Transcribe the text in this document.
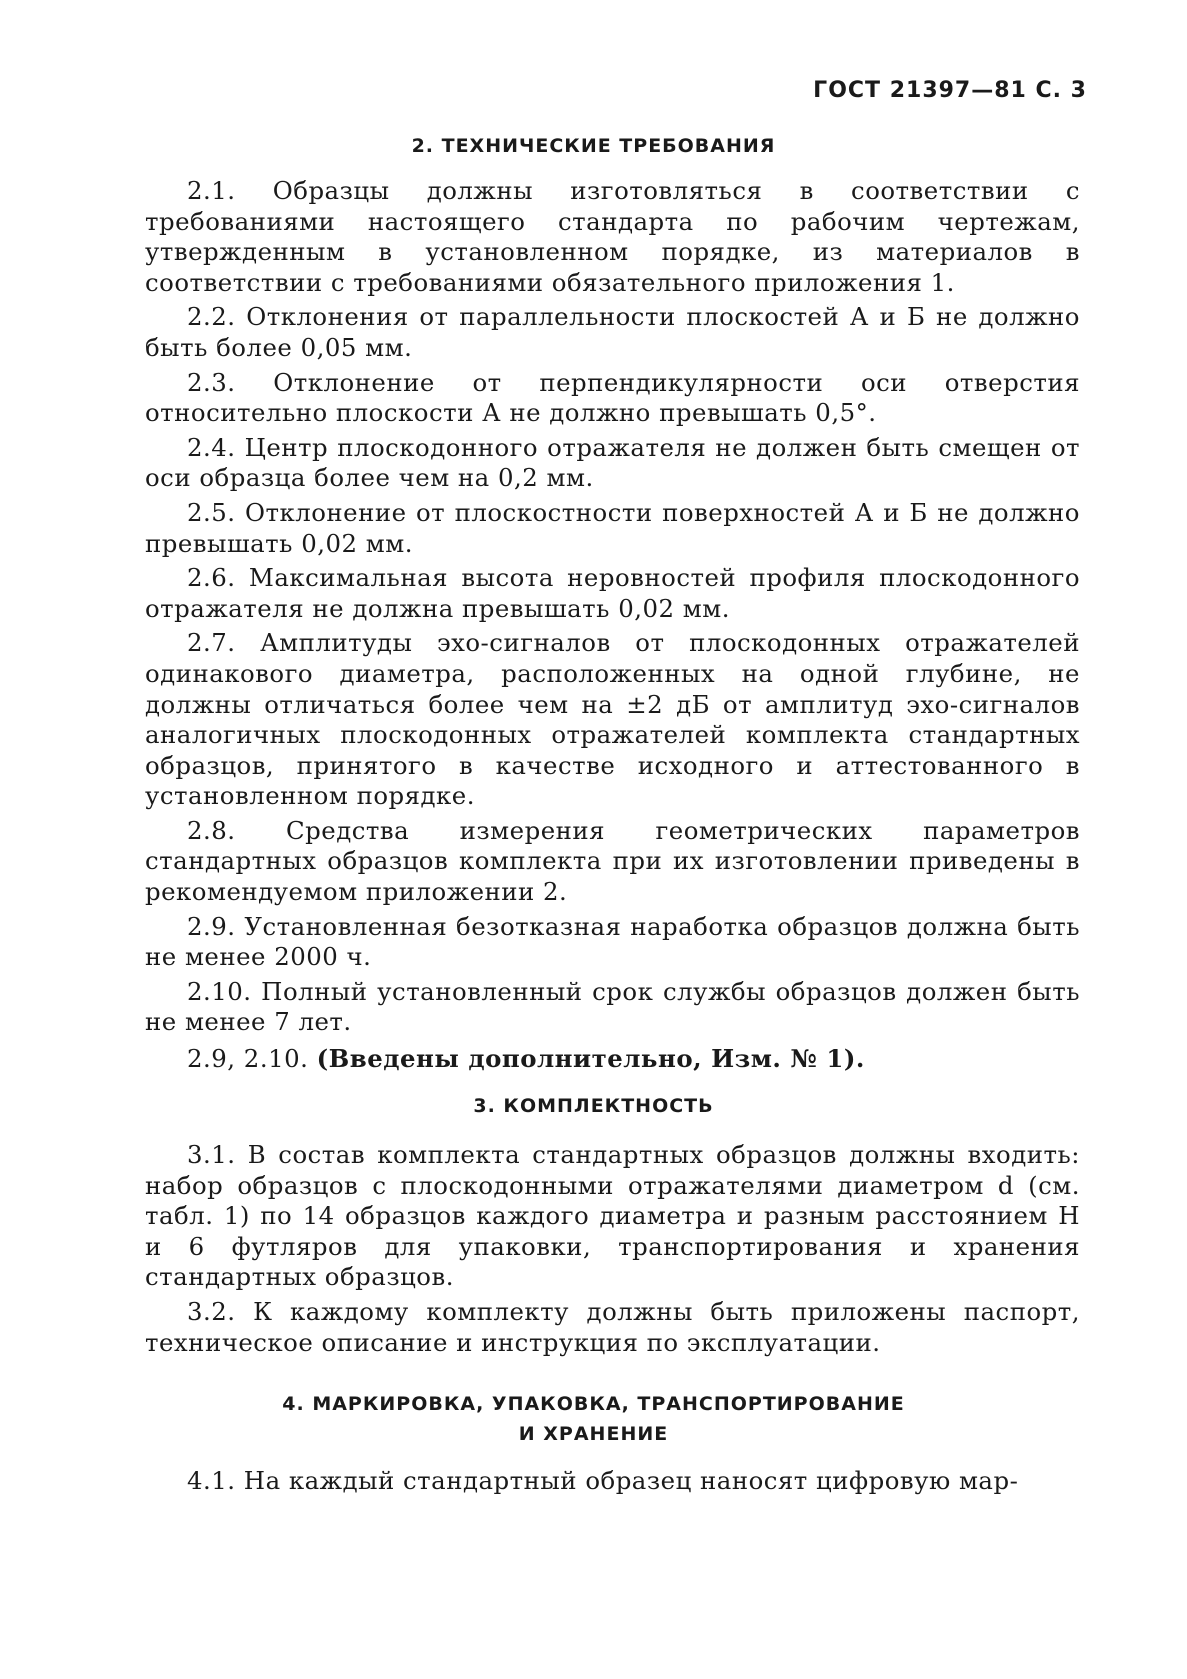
ГОСТ 21397—81 С. 3
2. ТЕХНИЧЕСКИЕ ТРЕБОВАНИЯ

2.1. Образцы должны изготовляться в соответствии с требованиями настоящего стандарта по рабочим чертежам, утвержденным в установленном порядке, из материалов в соответствии с требованиями обязательного приложения 1.

2.2. Отклонения от параллельности плоскостей А и Б не должно быть более 0,05 мм.

2.3. Отклонение от перпендикулярности оси отверстия относительно плоскости А не должно превышать 0,5°.

2.4. Центр плоскодонного отражателя не должен быть смещен от оси образца более чем на 0,2 мм.

2.5. Отклонение от плоскостности поверхностей А и Б не должно превышать 0,02 мм.

2.6. Максимальная высота неровностей профиля плоскодонного отражателя не должна превышать 0,02 мм.

2.7. Амплитуды эхо-сигналов от плоскодонных отражателей одинакового диаметра, расположенных на одной глубине, не должны отличаться более чем на ±2 дБ от амплитуд эхо-сигналов аналогичных плоскодонных отражателей комплекта стандартных образцов, принятого в качестве исходного и аттестованного в установленном порядке.

2.8. Средства измерения геометрических параметров стандартных образцов комплекта при их изготовлении приведены в рекомендуемом приложении 2.

2.9. Установленная безотказная наработка образцов должна быть не менее 2000 ч.

2.10. Полный установленный срок службы образцов должен быть не менее 7 лет.

2.9, 2.10. (Введены дополнительно, Изм. № 1).

3. КОМПЛЕКТНОСТЬ

3.1. В состав комплекта стандартных образцов должны входить: набор образцов с плоскодонными отражателями диаметром d (см. табл. 1) по 14 образцов каждого диаметра и разным расстоянием H и 6 футляров для упаковки, транспортирования и хранения стандартных образцов.

3.2. К каждому комплекту должны быть приложены паспорт, техническое описание и инструкция по эксплуатации.

4. МАРКИРОВКА, УПАКОВКА, ТРАНСПОРТИРОВАНИЕ
И ХРАНЕНИЕ

4.1. На каждый стандартный образец наносят цифровую мар-
